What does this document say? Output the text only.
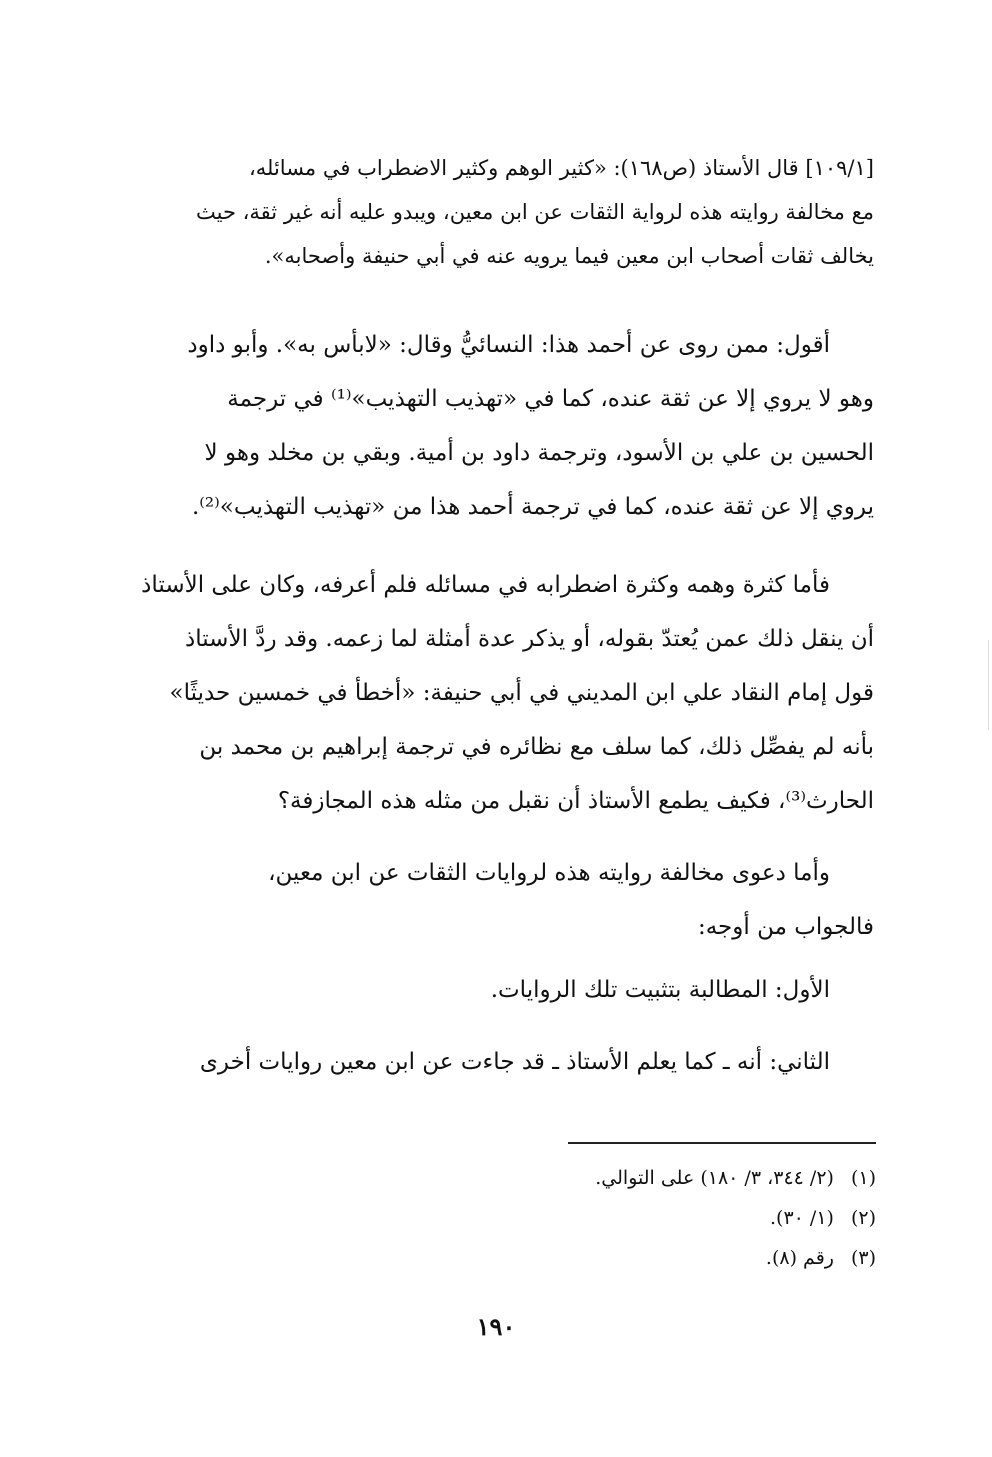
[١٠٩/١] قال الأستاذ (ص١٦٨): «كثير الوهم وكثير الاضطراب في مسائله،
مع مخالفة روايته هذه لرواية الثقات عن ابن معين، ويبدو عليه أنه غير ثقة، حيث
يخالف ثقات أصحاب ابن معين فيما يرويه عنه في أبي حنيفة وأصحابه».
أقول: ممن روى عن أحمد هذا: النسائيُّ وقال: «لابأس به». وأبو داود
وهو لا يروي إلا عن ثقة عنده، كما في «تهذيب التهذيب»⁽¹⁾ في ترجمة
الحسين بن علي بن الأسود، وترجمة داود بن أمية. وبقي بن مخلد وهو لا
يروي إلا عن ثقة عنده، كما في ترجمة أحمد هذا من «تهذيب التهذيب»⁽²⁾.
فأما كثرة وهمه وكثرة اضطرابه في مسائله فلم أعرفه، وكان على الأستاذ
أن ينقل ذلك عمن يُعتدّ بقوله، أو يذكر عدة أمثلة لما زعمه. وقد ردَّ الأستاذ
قول إمام النقاد علي ابن المديني في أبي حنيفة: «أخطأ في خمسين حديثًا»
بأنه لم يفصِّل ذلك، كما سلف مع نظائره في ترجمة إبراهيم بن محمد بن
الحارث⁽³⁾، فكيف يطمع الأستاذ أن نقبل من مثله هذه المجازفة؟
وأما دعوى مخالفة روايته هذه لروايات الثقات عن ابن معين،
فالجواب من أوجه:
الأول: المطالبة بتثبيت تلك الروايات.
الثاني: أنه ـ كما يعلم الأستاذ ـ قد جاءت عن ابن معين روايات أخرى
(١) (٢/ ٣٤٤، ٣/ ١٨٠) على التوالي.
(٢) (١/ ٣٠).
(٣) رقم (٨).
١٩٠
